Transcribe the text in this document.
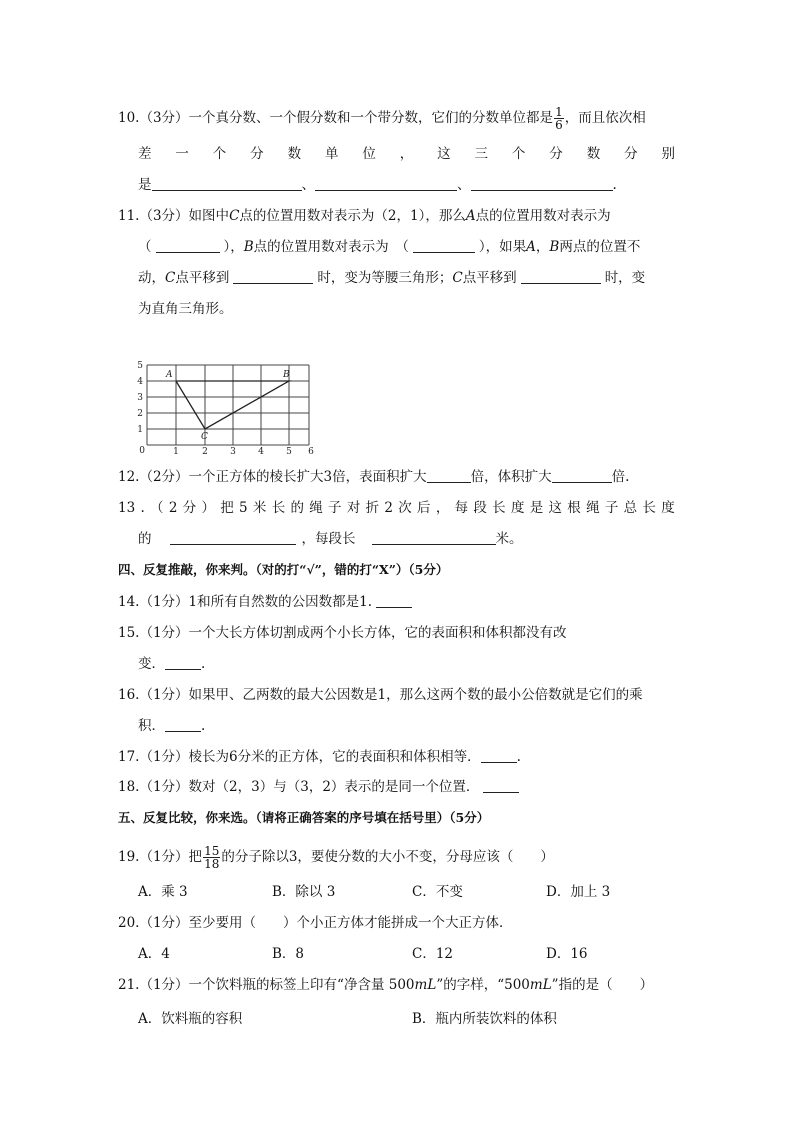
10.（3分）一个真分数、一个假分数和一个带分数，它们的分数单位都是 $\frac{1}{6}$ ，而且依次相
差 一 个 分 数 单 位 ， 这 三 个 分 数 分 别
是	、	、	.
11.（3分）如图中C点的位置用数对表示为（2，1），那么A点的位置用数对表示为
（	），B点的位置用数对表示为　（	），如果A，B两点的位置不
动，C点平移到	时，变为等腰三角形；C点平移到	时，变
为直角三角形。
0	1	2 3 4 5 6
1
2
3
4
5
A	B
C
12.（2分）一个正方体的棱长扩大3倍，表面积扩大	倍，体积扩大	倍.
13 . （ 2 分 ） 把 5 米 长 的 绳 子 对 折 2 次 后 ， 每 段 长 度 是 这 根 绳 子 总 长 度
的	，每段长	米。
四、反复推敲，你来判。（对的打“√”，错的打“X”）（5分）
14.（1分）1和所有自然数的公因数都是1.
15.（1分）一个大长方体切割成两个小长方体，它的表面积和体积都没有改
变．	.
16.（1分）如果甲、乙两数的最大公因数是1，那么这两个数的最小公倍数就是它们的乘
积．	.
17.（1分）棱长为6分米的正方体，它的表面积和体积相等．	.
18.（1分）数对（2，3）与（3，2）表示的是同一个位置．
五、反复比较，你来选。（请将正确答案的序号填在括号里）（5分）
19.（1分）把 $\frac{15}{18}$ 的分子除以3，要使分数的大小不变，分母应该（　　）
A．乘 3	B．除以 3	C．不变	D．加上 3
20.（1分）至少要用（　　）个小正方体才能拼成一个大正方体．
A．4	B．8	C．12	D．16
21.（1分）一个饮料瓶的标签上印有“净含量 500mL”的字样，“500mL”指的是（　　）
A．饮料瓶的容积	B．瓶内所装饮料的体积
